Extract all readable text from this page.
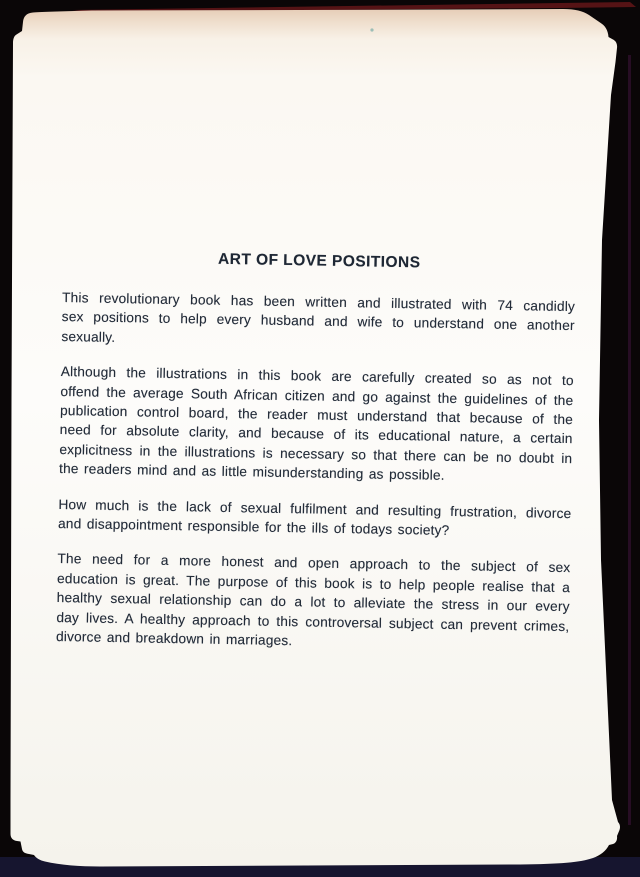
ART OF LOVE POSITIONS
This revolutionary book has been written and illustrated with 74 candidly
sex positions to help every husband and wife to understand one another
sexually.
Although the illustrations in this book are carefully created so as not to
offend the average South African citizen and go against the guidelines of the
publication control board, the reader must understand that because of the
need for absolute clarity, and because of its educational nature, a certain
explicitness in the illustrations is necessary so that there can be no doubt in
the readers mind and as little misunderstanding as possible.
How much is the lack of sexual fulfilment and resulting frustration, divorce
and disappointment responsible for the ills of todays society?
The need for a more honest and open approach to the subject of sex
education is great. The purpose of this book is to help people realise that a
healthy sexual relationship can do a lot to alleviate the stress in our every
day lives. A healthy approach to this controversal subject can prevent crimes,
divorce and breakdown in marriages.
